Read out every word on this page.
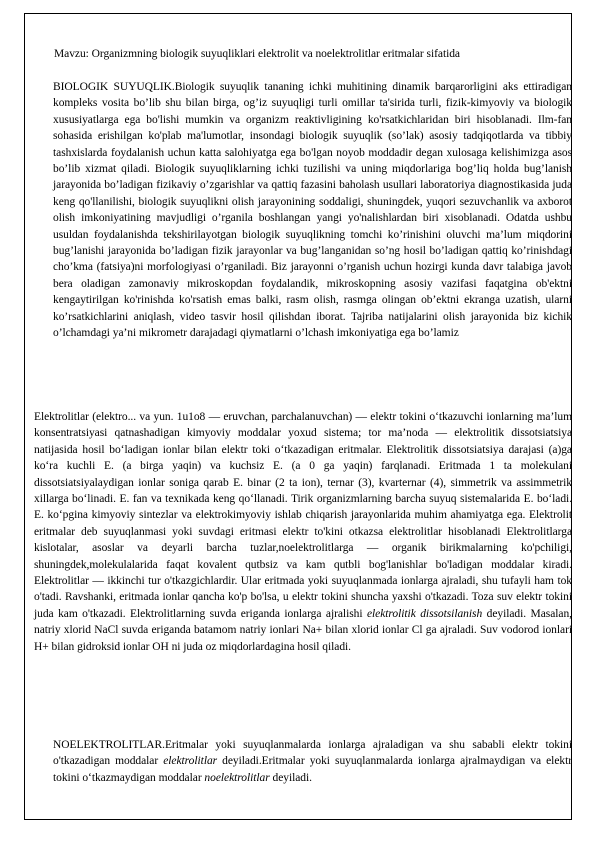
Mavzu: Organizmning biologik suyuqliklari elektrolit va noelektrolitlar eritmalar sifatida

BIOLOGIK SUYUQLIK.Biologik suyuqlik tananing ichki muhitining dinamik barqarorligini aks ettiradigan kompleks vosita bo’lib shu bilan birga, og’iz suyuqligi turli omillar ta'sirida turli, fizik-kimyoviy va biologik xususiyatlarga ega bo'lishi mumkin va organizm reaktivligining ko'rsatkichlaridan biri hisoblanadi. Ilm-fan sohasida erishilgan ko'plab ma'lumotlar, insondagi biologik suyuqlik (so’lak) asosiy tadqiqotlarda va tibbiy tashxislarda foydalanish uchun katta salohiyatga ega bo'lgan noyob moddadir degan xulosaga kelishimizga asos bo’lib xizmat qiladi. Biologik suyuqliklarning ichki tuzilishi va uning miqdorlariga bog’liq holda bug’lanish jarayonida bo’ladigan fizikaviy o’zgarishlar va qattiq fazasini baholash usullari laboratoriya diagnostikasida juda keng qo'llanilishi, biologik suyuqlikni olish jarayonining soddaligi, shuningdek, yuqori sezuvchanlik va axborot olish imkoniyatining mavjudligi o’rganila boshlangan yangi yo'nalishlardan biri xisoblanadi. Odatda ushbu usuldan foydalanishda tekshirilayotgan biologik suyuqlikning tomchi ko’rinishini oluvchi ma’lum miqdorini bug’lanishi jarayonida bo’ladigan fizik jarayonlar va bug’langanidan so’ng hosil bo’ladigan qattiq ko’rinishdagi cho’kma (fatsiya)ni morfologiyasi o’rganiladi. Biz jarayonni o’rganish uchun hozirgi kunda davr talabiga javob bera oladigan zamonaviy mikroskopdan foydalandik, mikroskopning asosiy vazifasi faqatgina ob'ektni kengaytirilgan ko'rinishda ko'rsatish emas balki, rasm olish, rasmga olingan ob’ektni ekranga uzatish, ularni ko’rsatkichlarini aniqlash, video tasvir hosil qilishdan iborat. Tajriba natijalarini olish jarayonida biz kichik o’lchamdagi ya’ni mikrometr darajadagi qiymatlarni o’lchash imkoniyatiga ega bo’lamiz

Elektrolitlar (elektro... va yun. 1u1o8 — eruvchan, parchalanuvchan) — elektr tokini o‘tkazuvchi ionlarning ma’lum konsentratsiyasi qatnashadigan kimyoviy moddalar yoxud sistema; tor ma’noda — elektrolitik dissotsiatsiya natijasida hosil bo‘ladigan ionlar bilan elektr toki o‘tkazadigan eritmalar. Elektrolitik dissotsiatsiya darajasi (a)ga ko‘ra kuchli E. (a birga yaqin) va kuchsiz E. (a 0 ga yaqin) farqlanadi. Eritmada 1 ta molekulani dissotsiatsiyalaydigan ionlar soniga qarab E. binar (2 ta ion), ternar (3), kvarternar (4), simmetrik va assimmetrik xillarga bo‘linadi. E. fan va texnikada keng qo‘llanadi. Tirik organizmlarning barcha suyuq sistemalarida E. bo‘ladi. E. ko‘pgina kimyoviy sintezlar va elektrokimyoviy ishlab chiqarish jarayonlarida muhim ahamiyatga ega. Elektrolit eritmalar deb suyuqlanmasi yoki suvdagi eritmasi elektr to'kini otkazsa elektrolitlar hisoblanadi Elektrolitlarga kislotalar, asoslar va deyarli barcha tuzlar,noelektrolitlarga — organik birikmalarning ko'pchiligi, shuningdek,molekulalarida faqat kovalent qutbsiz va kam qutbli bog'lanishlar bo'ladigan moddalar kiradi. Elektrolitlar — ikkinchi tur o'tkazgichlardir. Ular eritmada yoki suyuqlanmada ionlarga ajraladi, shu tufayli ham tok o'tadi. Ravshanki, eritmada ionlar qancha ko'p bo'lsa, u elektr tokini shuncha yaxshi o'tkazadi. Toza suv elektr tokini juda kam o'tkazadi. Elektrolitlarning suvda eriganda ionlarga ajralishi elektrolitik dissotsilanish deyiladi. Masalan, natriy xlorid NaCl suvda eriganda batamom natriy ionlari Na+ bilan xlorid ionlar Cl ga ajraladi. Suv vodorod ionlari H+ bilan gidroksid ionlar OH ni juda oz miqdorlardagina hosil qiladi.

NOELEKTROLITLAR.Eritmalar yoki suyuqlanmalarda ionlarga ajraladigan va shu sababli elektr tokini o'tkazadigan moddalar elektrolitlar deyiladi.Eritmalar yoki suyuqlanmalarda ionlarga ajralmaydigan va elektr tokini o‘tkazmaydigan moddalar noelektrolitlar deyiladi.
